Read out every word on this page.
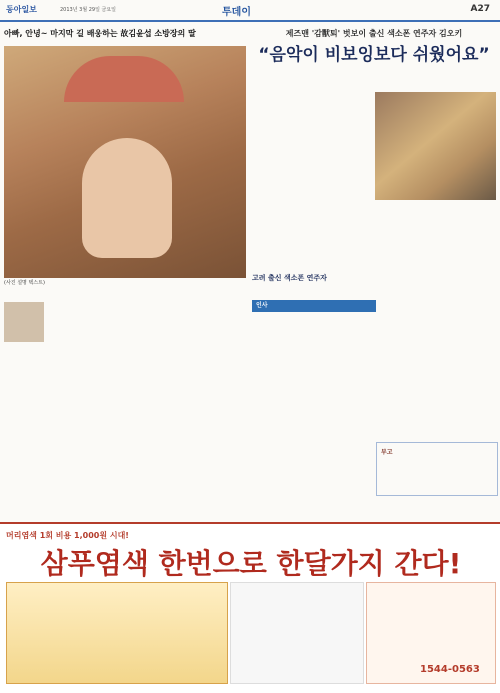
동아일보	2013년 3월 29일 금요일	투데이	A27
아빠, 안녕~ 마지막 길 배웅하는 故김윤섭 소방장의 딸
(사진 설명 텍스트)
제즈맨 '감獸퇴' 벗보이 출신 색소폰 연주자 김오키
“음악이 비보잉보다 쉬웠어요”
고려 출신 색소폰 연주자
인사
부고
머리염색 1회 비용 1,000원 시대!
삼푸염색 한번으로 한달가지 간다!
1544-0563
